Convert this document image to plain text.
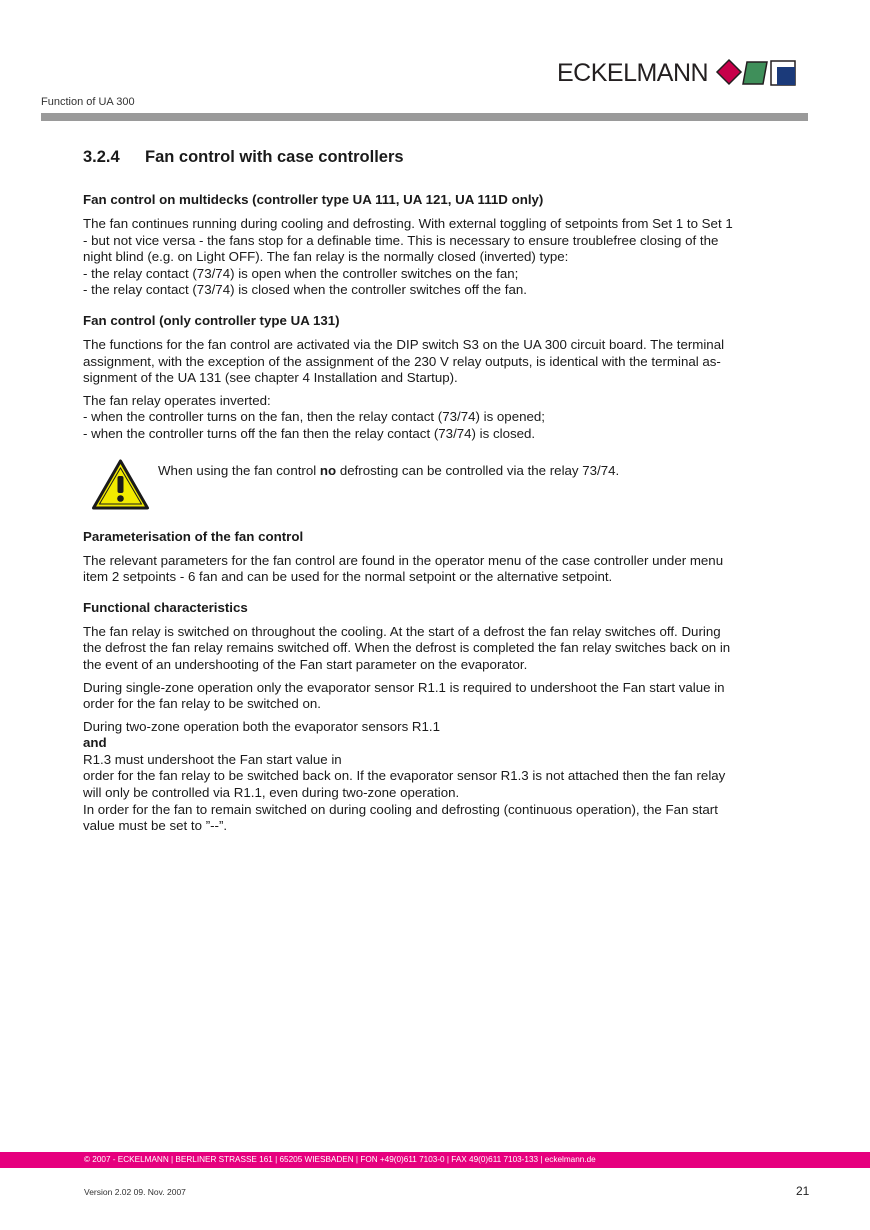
ECKELMANN
Function of UA 300
3.2.4 Fan control with case controllers
Fan control on multidecks (controller type UA 111, UA 121, UA 111D only)

The fan continues running during cooling and defrosting. With external toggling of setpoints from Set 1 to Set 1
- but not vice versa - the fans stop for a definable time. This is necessary to ensure troublefree closing of the
night blind (e.g. on Light OFF). The fan relay is the normally closed (inverted) type:
- the relay contact (73/74) is open when the controller switches on the fan;
- the relay contact (73/74) is closed when the controller switches off the fan.

Fan control (only controller type UA 131)

The functions for the fan control are activated via the DIP switch S3 on the UA 300 circuit board. The terminal
assignment, with the exception of the assignment of the 230 V relay outputs, is identical with the terminal as-
signment of the UA 131 (see chapter 4 Installation and Startup).

The fan relay operates inverted:
- when the controller turns on the fan, then the relay contact (73/74) is opened;
- when the controller turns off the fan then the relay contact (73/74) is closed.

When using the fan control no defrosting can be controlled via the relay 73/74.
Parameterisation of the fan control

The relevant parameters for the fan control are found in the operator menu of the case controller under menu
item 2 setpoints - 6 fan and can be used for the normal setpoint or the alternative setpoint.

Functional characteristics

The fan relay is switched on throughout the cooling. At the start of a defrost the fan relay switches off. During
the defrost the fan relay remains switched off. When the defrost is completed the fan relay switches back on in
the event of an undershooting of the Fan start parameter on the evaporator.

During single-zone operation only the evaporator sensor R1.1 is required to undershoot the Fan start value in
order for the fan relay to be switched on.

During two-zone operation both the evaporator sensors R1.1
and
R1.3 must undershoot the Fan start value in
order for the fan relay to be switched back on. If the evaporator sensor R1.3 is not attached then the fan relay
will only be controlled via R1.1, even during two-zone operation.
In order for the fan to remain switched on during cooling and defrosting (continuous operation), the Fan start
value must be set to ”--”.

© 2007 - ECKELMANN | BERLINER STRASSE 161 | 65205 WIESBADEN | FON +49(0)611 7103-0 | FAX 49(0)611 7103-133 | eckelmann.de
Version 2.02 09. Nov. 2007	21
